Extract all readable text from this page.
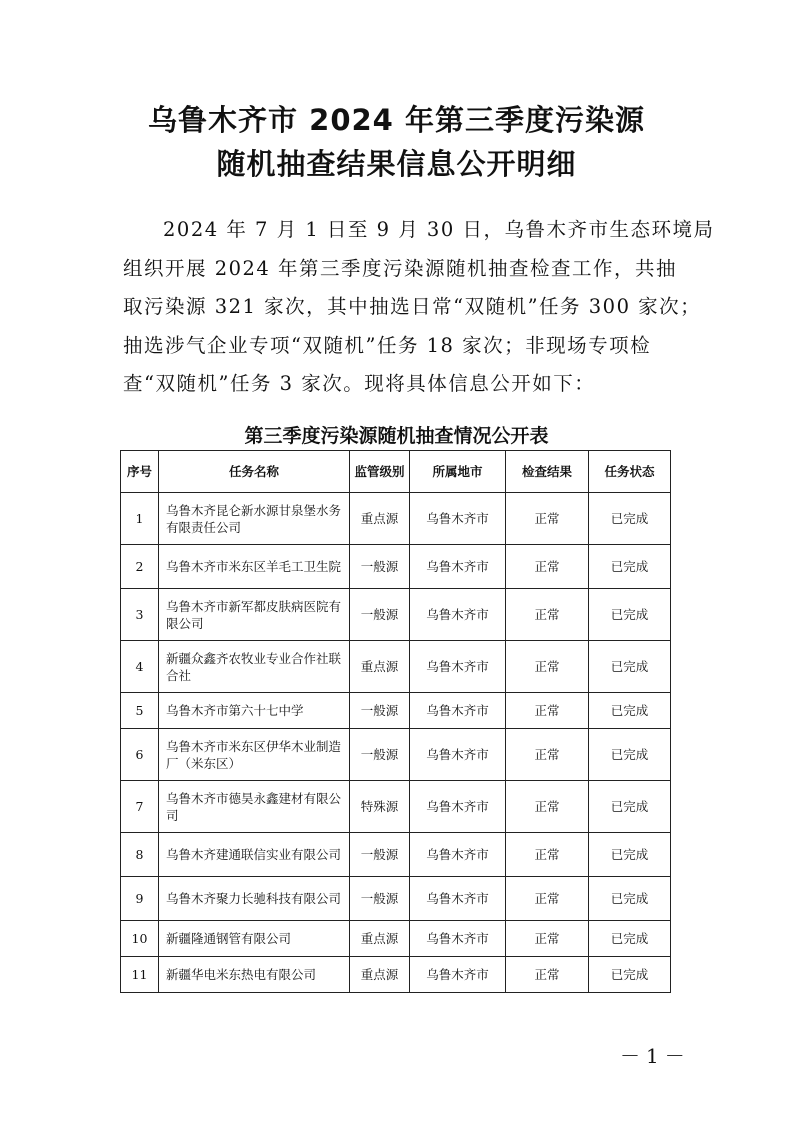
乌鲁木齐市 2024 年第三季度污染源
随机抽查结果信息公开明细
2024 年 7 月 1 日至 9 月 30 日，乌鲁木齐市生态环境局
组织开展 2024 年第三季度污染源随机抽查检查工作，共抽
取污染源 321 家次，其中抽选日常“双随机”任务 300 家次；
抽选涉气企业专项“双随机”任务 18 家次；非现场专项检
查“双随机”任务 3 家次。现将具体信息公开如下：
第三季度污染源随机抽查情况公开表
序号	任务名称	监管级别	所属地市	检查结果	任务状态
1	乌鲁木齐昆仑新水源甘泉堡水务有限责任公司	重点源	乌鲁木齐市	正常	已完成
2	乌鲁木齐市米东区羊毛工卫生院	一般源	乌鲁木齐市	正常	已完成
3	乌鲁木齐市新军都皮肤病医院有限公司	一般源	乌鲁木齐市	正常	已完成
4	新疆众鑫齐农牧业专业合作社联合社	重点源	乌鲁木齐市	正常	已完成
5	乌鲁木齐市第六十七中学	一般源	乌鲁木齐市	正常	已完成
6	乌鲁木齐市米东区伊华木业制造厂（米东区）	一般源	乌鲁木齐市	正常	已完成
7	乌鲁木齐市德昊永鑫建材有限公司	特殊源	乌鲁木齐市	正常	已完成
8	乌鲁木齐建通联信实业有限公司	一般源	乌鲁木齐市	正常	已完成
9	乌鲁木齐聚力长驰科技有限公司	一般源	乌鲁木齐市	正常	已完成
10	新疆隆通钢管有限公司	重点源	乌鲁木齐市	正常	已完成
11	新疆华电米东热电有限公司	重点源	乌鲁木齐市	正常	已完成
－1－
